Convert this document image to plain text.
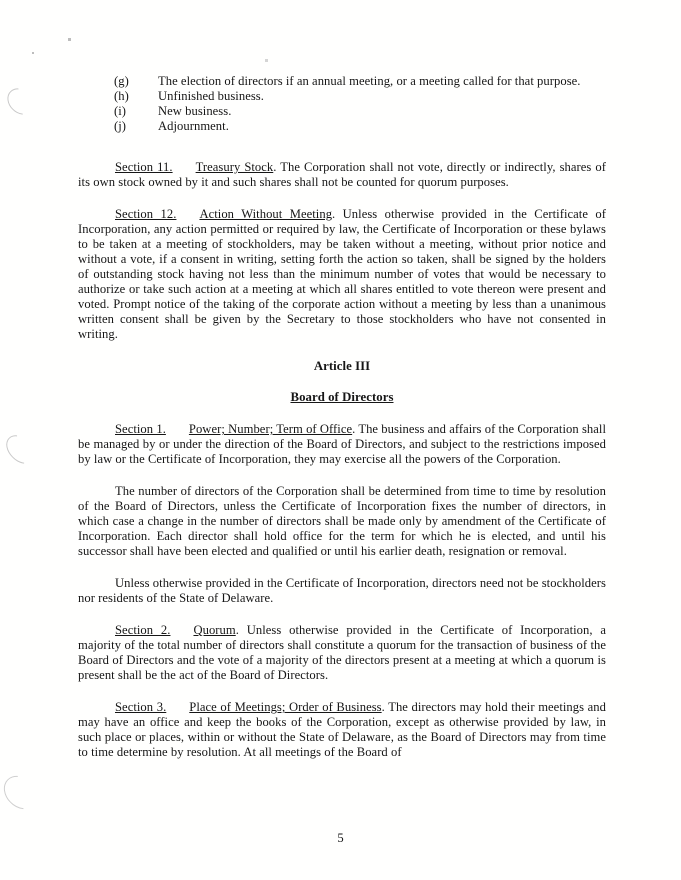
(g) The election of directors if an annual meeting, or a meeting called for that purpose.
(h) Unfinished business.
(i)	New business.
(j)	Adjournment.

Section 11. Treasury Stock. The Corporation shall not vote, directly or indirectly, shares of its own stock owned by it and such shares shall not be counted for quorum purposes.

Section 12. Action Without Meeting. Unless otherwise provided in the Certificate of Incorporation, any action permitted or required by law, the Certificate of Incorporation or these bylaws to be taken at a meeting of stockholders, may be taken without a meeting, without prior notice and without a vote, if a consent in writing, setting forth the action so taken, shall be signed by the holders of outstanding stock having not less than the minimum number of votes that would be necessary to authorize or take such action at a meeting at which all shares entitled to vote thereon were present and voted. Prompt notice of the taking of the corporate action without a meeting by less than a unanimous written consent shall be given by the Secretary to those stockholders who have not consented in writing.

Article III

Board of Directors

Section 1. Power; Number; Term of Office. The business and affairs of the Corporation shall be managed by or under the direction of the Board of Directors, and subject to the restrictions imposed by law or the Certificate of Incorporation, they may exercise all the powers of the Corporation.

The number of directors of the Corporation shall be determined from time to time by resolution of the Board of Directors, unless the Certificate of Incorporation fixes the number of directors, in which case a change in the number of directors shall be made only by amendment of the Certificate of Incorporation. Each director shall hold office for the term for which he is elected, and until his successor shall have been elected and qualified or until his earlier death, resignation or removal.

Unless otherwise provided in the Certificate of Incorporation, directors need not be stockholders nor residents of the State of Delaware.

Section 2. Quorum. Unless otherwise provided in the Certificate of Incorporation, a majority of the total number of directors shall constitute a quorum for the transaction of business of the Board of Directors and the vote of a majority of the directors present at a meeting at which a quorum is present shall be the act of the Board of Directors.

Section 3. Place of Meetings; Order of Business. The directors may hold their meetings and may have an office and keep the books of the Corporation, except as otherwise provided by law, in such place or places, within or without the State of Delaware, as the Board of Directors may from time to time determine by resolution. At all meetings of the Board of

5
